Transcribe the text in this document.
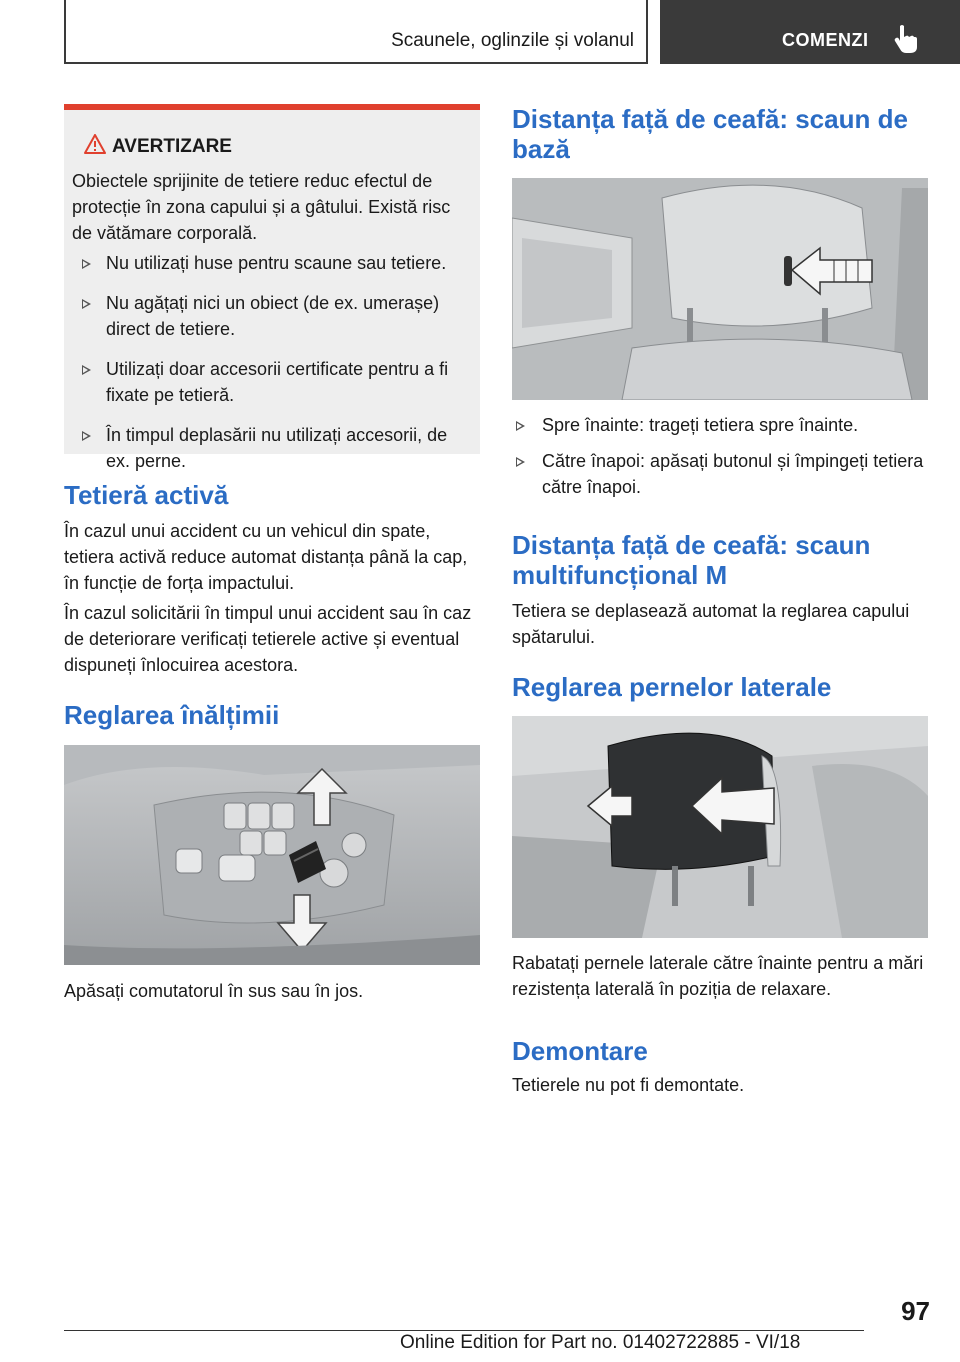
Scaunele, oglinzile și volanul	COMENZI
AVERTIZARE
Obiectele sprijinite de tetiere reduc efectul de protecție în zona capului și a gâtului. Există risc de vătămare corporală.
Nu utilizați huse pentru scaune sau tetiere.
Nu agățați nici un obiect (de ex. umerașe) direct de tetiere.
Utilizați doar accesorii certificate pentru a fi fixate pe tetieră.
În timpul deplasării nu utilizați accesorii, de ex. perne.
Tetieră activă

În cazul unui accident cu un vehicul din spate, tetiera activă reduce automat distanța până la cap, în funcție de forța impactului.

În cazul solicitării în timpul unui accident sau în caz de deteriorare verificați tetierele active și eventual dispuneți înlocuirea acestora.

Reglarea înălțimii

Apăsați comutatorul în sus sau în jos.

Distanța față de ceafă: scaun de bază
Spre înainte: trageți tetiera spre înainte.
Către înapoi: apăsați butonul și împingeți tetiera către înapoi.
Distanța față de ceafă: scaun multifuncțional M

Tetiera se deplasează automat la reglarea capului spătarului.

Reglarea pernelor laterale

Rabatați pernele laterale către înainte pentru a mări rezistența laterală în poziția de relaxare.

Demontare

Tetierele nu pot fi demontate.

97
Online Edition for Part no. 01402722885 - VI/18
